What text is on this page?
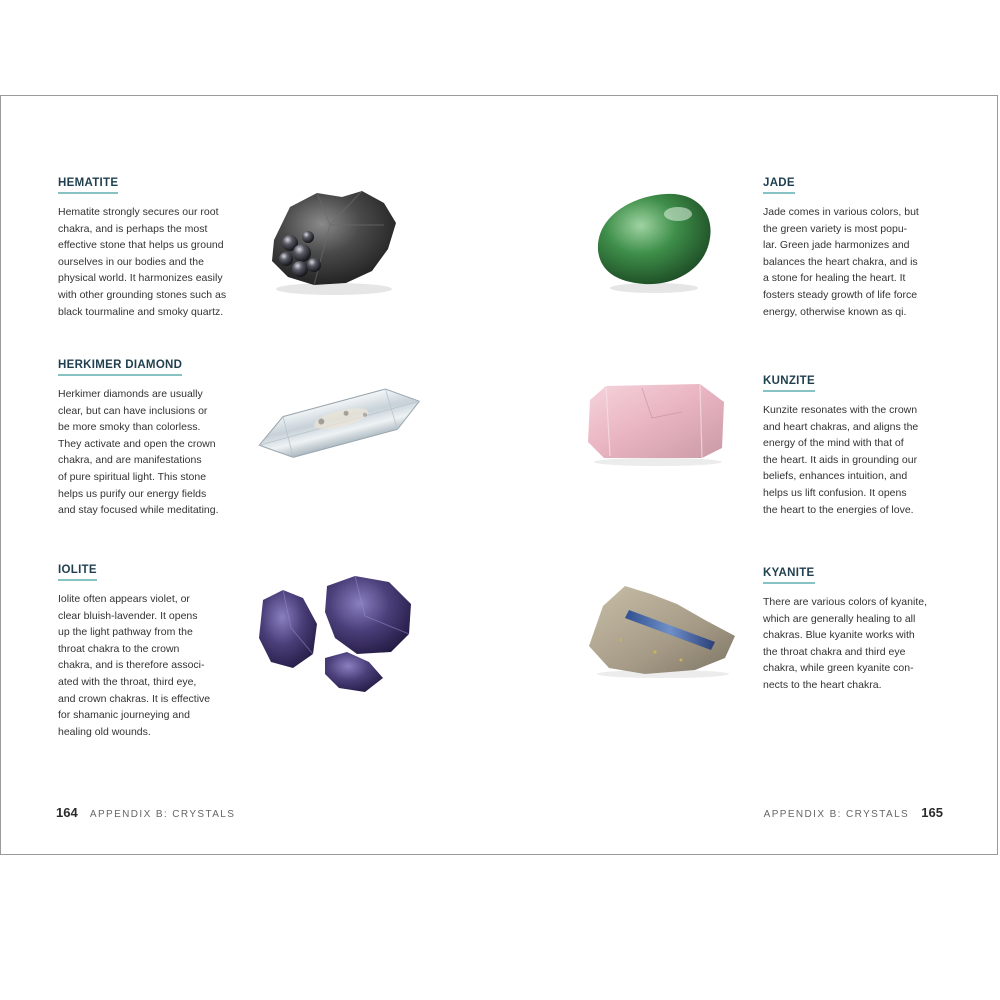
HEMATITE

Hematite strongly secures our root
chakra, and is perhaps the most
effective stone that helps us ground
ourselves in our bodies and the
physical world. It harmonizes easily
with other grounding stones such as
black tourmaline and smoky quartz.

HERKIMER DIAMOND

Herkimer diamonds are usually
clear, but can have inclusions or
be more smoky than colorless.
They activate and open the crown
chakra, and are manifestations
of pure spiritual light. This stone
helps us purify our energy fields
and stay focused while meditating.

IOLITE

Iolite often appears violet, or
clear bluish-lavender. It opens
up the light pathway from the
throat chakra to the crown
chakra, and is therefore associ-
ated with the throat, third eye,
and crown chakras. It is effective
for shamanic journeying and
healing old wounds.

JADE

Jade comes in various colors, but
the green variety is most popu-
lar. Green jade harmonizes and
balances the heart chakra, and is
a stone for healing the heart. It
fosters steady growth of life force
energy, otherwise known as qi.

KUNZITE

Kunzite resonates with the crown
and heart chakras, and aligns the
energy of the mind with that of
the heart. It aids in grounding our
beliefs, enhances intuition, and
helps us lift confusion. It opens
the heart to the energies of love.

KYANITE

There are various colors of kyanite,
which are generally healing to all
chakras. Blue kyanite works with
the throat chakra and third eye
chakra, while green kyanite con-
nects to the heart chakra.

164 APPENDIX B: CRYSTALS	APPENDIX B: CRYSTALS 165
